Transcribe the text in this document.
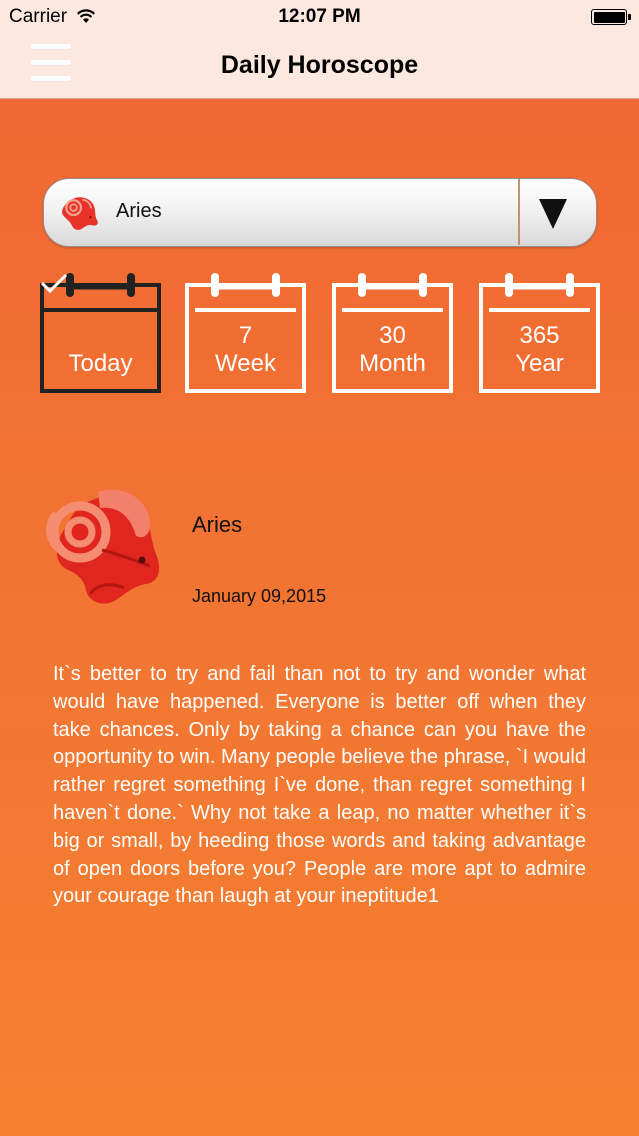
Carrier	12:07 PM
Daily Horoscope
Aries
Today
7
Week
30
Month
365
Year
Aries
January 09,2015
It`s better to try and fail than not to try and wonder what would have happened. Everyone is better off when they take chances. Only by taking a chance can you have the opportunity to win. Many people believe the phrase, `I would rather regret something I`ve done, than regret something I haven`t done.` Why not take a leap, no matter whether it`s big or small, by heeding those words and taking advantage of open doors before you? People are more apt to admire your courage than laugh at your ineptitude1
